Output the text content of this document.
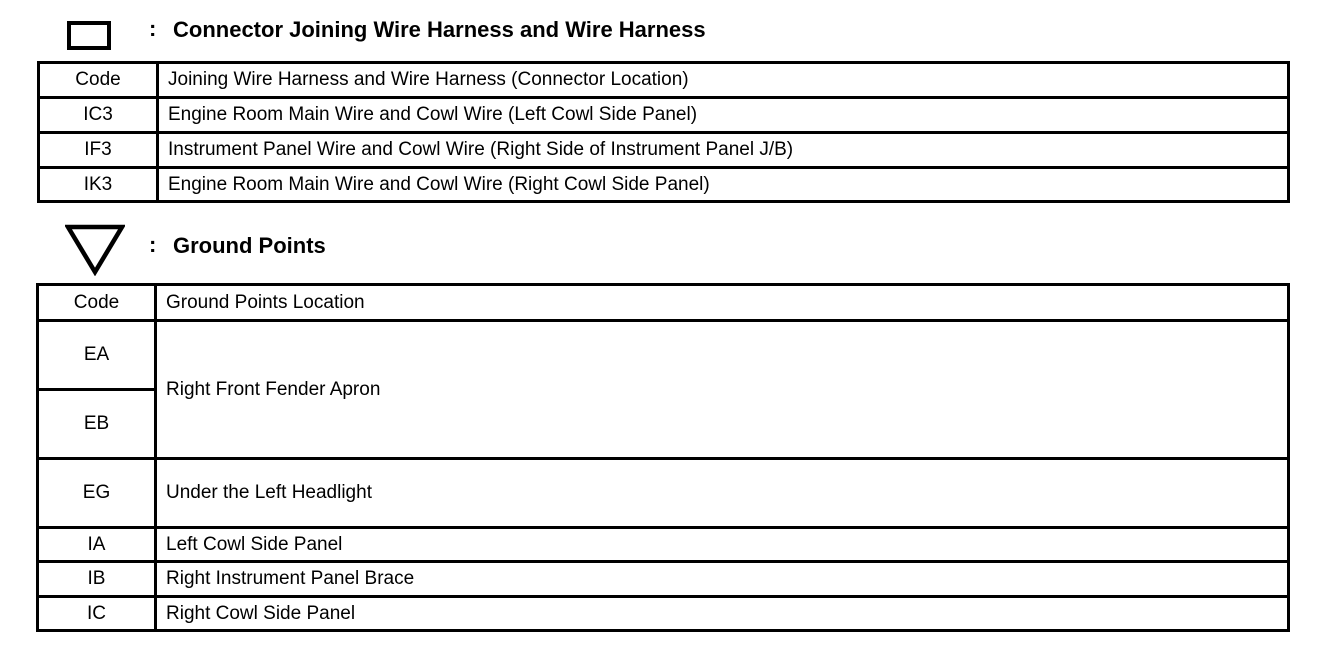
: Connector Joining Wire Harness and Wire Harness
Code	Joining Wire Harness and Wire Harness (Connector Location)
IC3	Engine Room Main Wire and Cowl Wire (Left Cowl Side Panel)
IF3	Instrument Panel Wire and Cowl Wire (Right Side of Instrument Panel J/B)
IK3	Engine Room Main Wire and Cowl Wire (Right Cowl Side Panel)
: Ground Points
Code	Ground Points Location
EA	Right Front Fender Apron
EB	
EG	Under the Left Headlight
IA	Left Cowl Side Panel
IB	Right Instrument Panel Brace
IC	Right Cowl Side Panel
